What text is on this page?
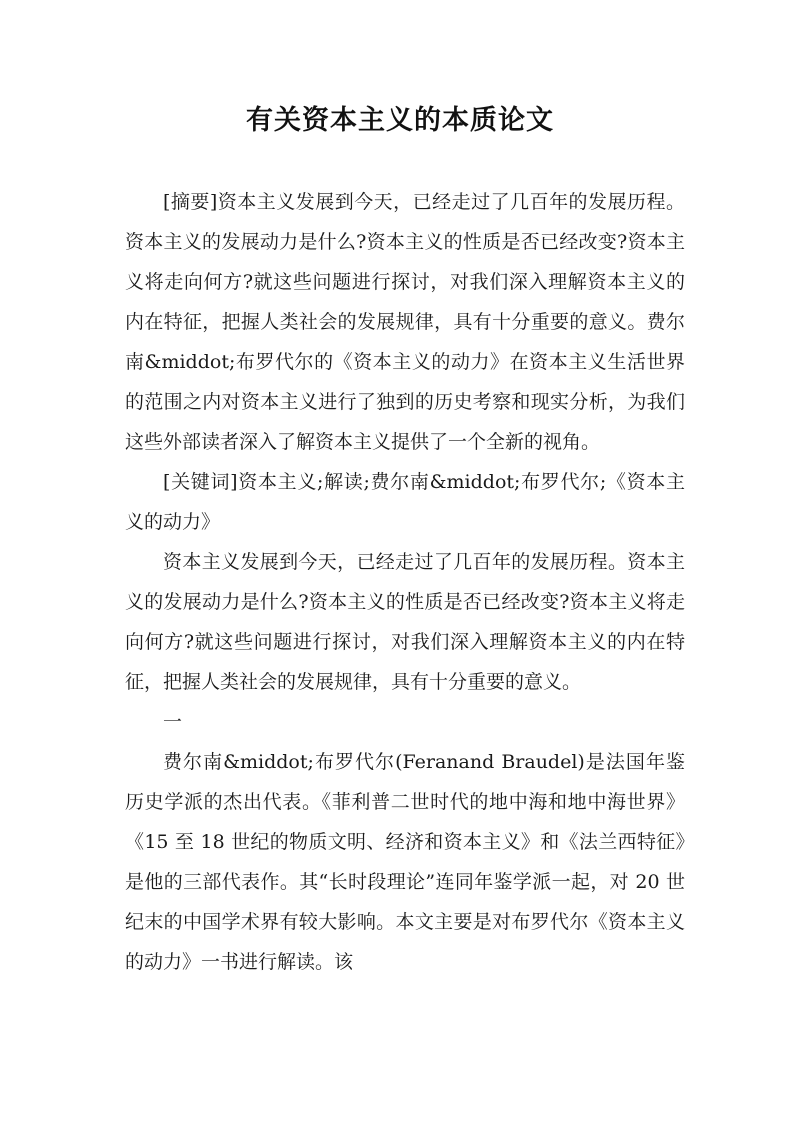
有关资本主义的本质论文

[摘要]资本主义发展到今天，已经走过了几百年的发展历程。资本主义的发展动力是什么?资本主义的性质是否已经改变?资本主义将走向何方?就这些问题进行探讨，对我们深入理解资本主义的内在特征，把握人类社会的发展规律，具有十分重要的意义。费尔南&middot;布罗代尔的《资本主义的动力》在资本主义生活世界的范围之内对资本主义进行了独到的历史考察和现实分析，为我们这些外部读者深入了解资本主义提供了一个全新的视角。

[关键词]资本主义;解读;费尔南&middot;布罗代尔;《资本主义的动力》

资本主义发展到今天，已经走过了几百年的发展历程。资本主义的发展动力是什么?资本主义的性质是否已经改变?资本主义将走向何方?就这些问题进行探讨，对我们深入理解资本主义的内在特征，把握人类社会的发展规律，具有十分重要的意义。

一

费尔南&middot;布罗代尔(Feranand Braudel)是法国年鉴历史学派的杰出代表。《菲利普二世时代的地中海和地中海世界》《15 至 18 世纪的物质文明、经济和资本主义》和《法兰西特征》是他的三部代表作。其“长时段理论”连同年鉴学派一起，对 20 世纪末的中国学术界有较大影响。本文主要是对布罗代尔《资本主义的动力》一书进行解读。该
